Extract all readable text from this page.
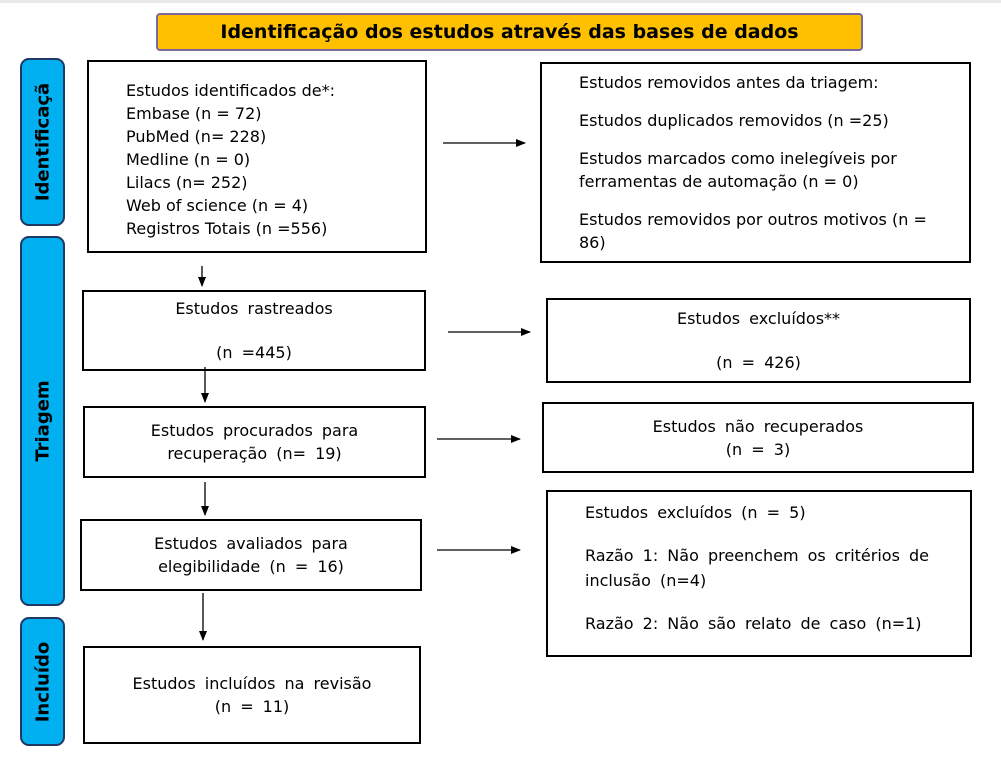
Identificação dos estudos através das bases de dados
Identificaçã
Triagem
Incluído
Estudos identificados de*:
Embase (n = 72)
PubMed (n= 228)
Medline (n = 0)
Lilacs (n= 252)
Web of science (n = 4)
Registros Totais (n =556)
Estudos removidos antes da triagem:
Estudos duplicados removidos (n =25)
Estudos marcados como inelegíveis por ferramentas de automação (n = 0)
Estudos removidos por outros motivos (n = 86)
Estudos rastreados
(n =445)
Estudos excluídos**
(n = 426)
Estudos procurados para recuperação (n= 19)
Estudos não recuperados
(n = 3)
Estudos avaliados para elegibilidade (n = 16)
Estudos excluídos (n = 5)
Razão 1: Não preenchem os critérios de inclusão (n=4)
Razão 2: Não são relato de caso (n=1)
Estudos incluídos na revisão
(n = 11)
